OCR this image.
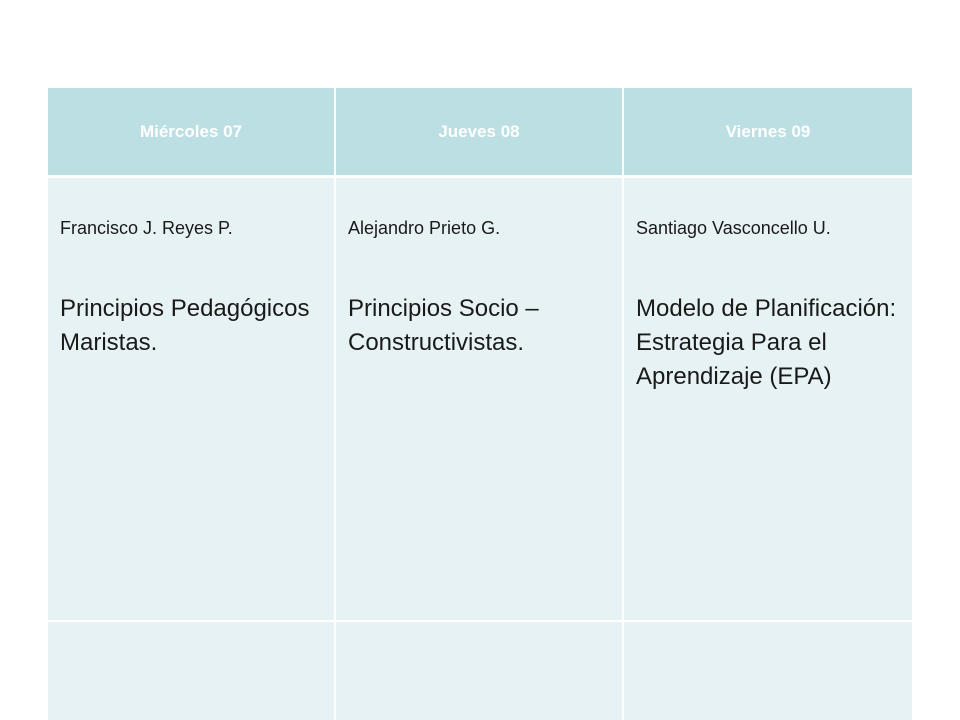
Miércoles 07	Jueves 08	Viernes 09

Francisco J. Reyes P.

Principios Pedagógicos Maristas.

Alejandro Prieto G.

Principios Socio – Constructivistas.

Santiago Vasconcello U.

Modelo de Planificación: Estrategia Para el Aprendizaje (EPA)
